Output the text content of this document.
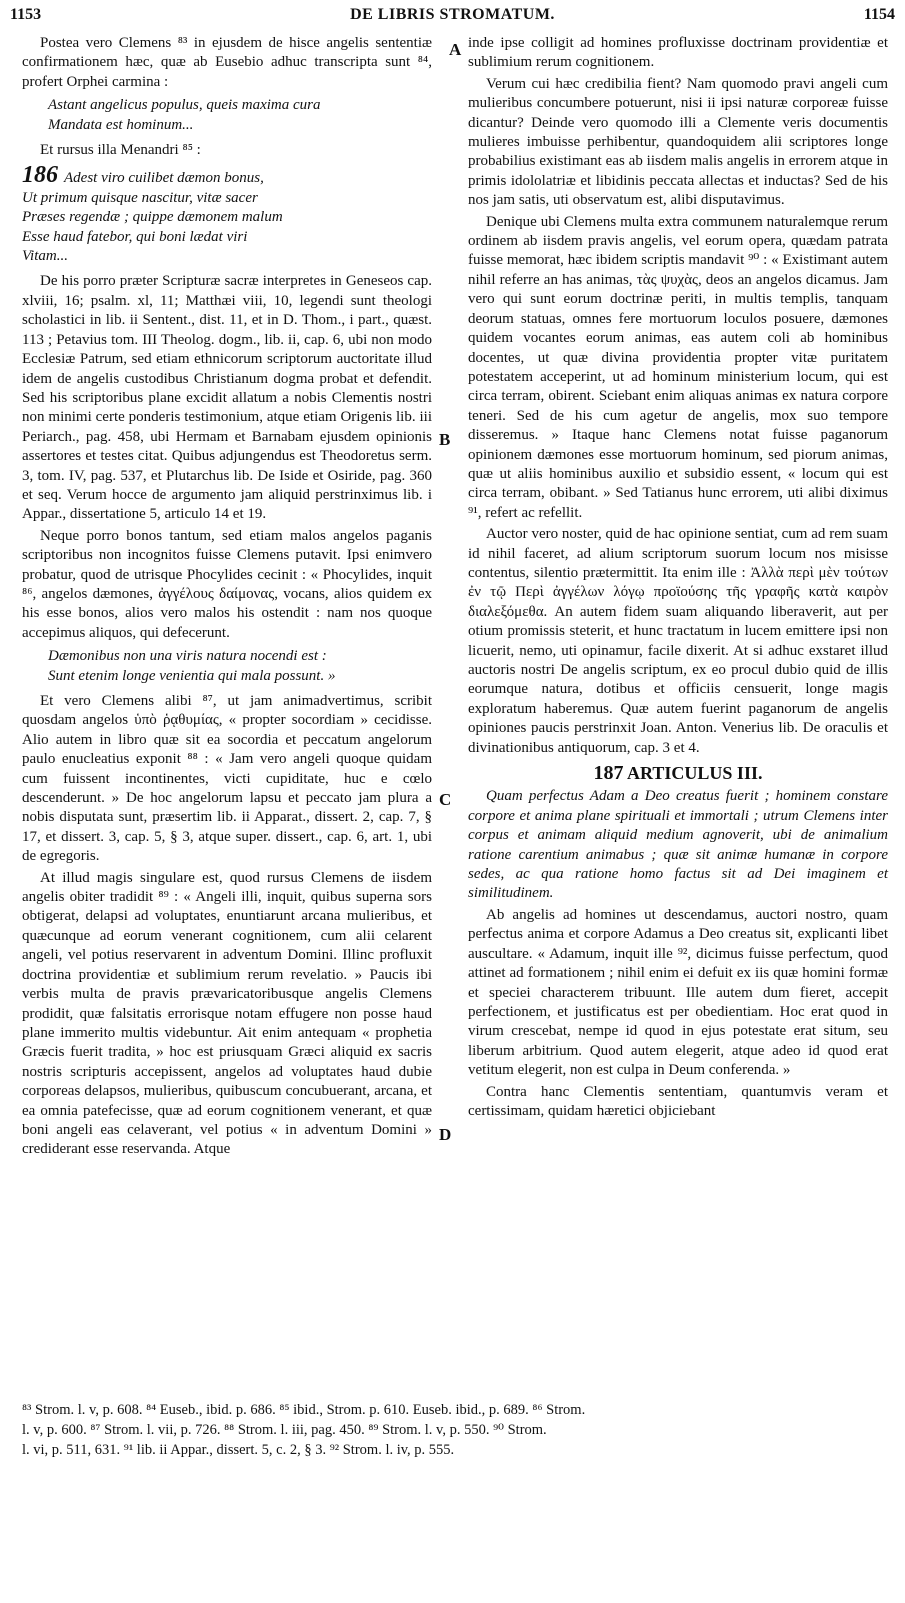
1153	DE LIBRIS STROMATUM.	1154
A
B
C
D

Postea vero Clemens ⁸³ in ejusdem de hisce angelis sententiæ confirmationem hæc, quæ ab Eusebio adhuc transcripta sunt ⁸⁴, profert Orphei carmina :

Astant angelicus populus, queis maxima cura
Mandata est hominum...

Et rursus illa Menandri ⁸⁵ :

186 Adest viro cuilibet dæmon bonus,
Ut primum quisque nascitur, vitæ sacer
Præses regendæ ; quippe dæmonem malum
Esse haud fatebor, qui boni lædat viri
Vitam...

De his porro præter Scripturæ sacræ interpretes in Geneseos cap. xlviii, 16; psalm. xl, 11; Matthæi viii, 10, legendi sunt theologi scholastici in lib. ii Sentent., dist. 11, et in D. Thom., i part., quæst. 113 ; Petavius tom. III Theolog. dogm., lib. ii, cap. 6, ubi non modo Ecclesiæ Patrum, sed etiam ethnicorum scriptorum auctoritate illud idem de angelis custodibus Christianum dogma probat et defendit. Sed his scriptoribus plane excidit allatum a nobis Clementis nostri non minimi certe ponderis testimonium, atque etiam Origenis lib. iii Periarch., pag. 458, ubi Hermam et Barnabam ejusdem opinionis assertores et testes citat. Quibus adjungendus est Theodoretus serm. 3, tom. IV, pag. 537, et Plutarchus lib. De Iside et Osiride, pag. 360 et seq. Verum hocce de argumento jam aliquid perstrinximus lib. i Appar., dissertatione 5, articulo 14 et 19.

Neque porro bonos tantum, sed etiam malos angelos paganis scriptoribus non incognitos fuisse Clemens putavit. Ipsi enimvero probatur, quod de utrisque Phocylides cecinit : « Phocylides, inquit ⁸⁶, angelos dæmones, ἀγγέλους δαίμονας, vocans, alios quidem ex his esse bonos, alios vero malos his ostendit : nam nos quoque accepimus aliquos, qui defecerunt.

Dæmonibus non una viris natura nocendi est :
Sunt etenim longe venientia qui mala possunt. »

Et vero Clemens alibi ⁸⁷, ut jam animadvertimus, scribit quosdam angelos ὑπὸ ῥᾳθυμίας, « propter socordiam » cecidisse. Alio autem in libro quæ sit ea socordia et peccatum angelorum paulo enucleatius exponit ⁸⁸ : « Jam vero angeli quoque quidam cum fuissent incontinentes, victi cupiditate, huc e cœlo descenderunt. » De hoc angelorum lapsu et peccato jam plura a nobis disputata sunt, præsertim lib. ii Apparat., dissert. 2, cap. 7, § 17, et dissert. 3, cap. 5, § 3, atque super. dissert., cap. 6, art. 1, ubi de egregoris.

At illud magis singulare est, quod rursus Clemens de iisdem angelis obiter tradidit ⁸⁹ : « Angeli illi, inquit, quibus superna sors obtigerat, delapsi ad voluptates, enuntiarunt arcana mulieribus, et quæcunque ad eorum venerant cognitionem, cum alii celarent angeli, vel potius reservarent in adventum Domini. Illinc profluxit doctrina providentiæ et sublimium rerum revelatio. » Paucis ibi verbis multa de pravis prævaricatoribusque angelis Clemens prodidit, quæ falsitatis errorisque notam effugere non posse haud plane immerito multis videbuntur. Ait enim antequam « prophetia Græcis fuerit tradita, » hoc est priusquam Græci aliquid ex sacris nostris scripturis accepissent, angelos ad voluptates haud dubie corporeas delapsos, mulieribus, quibuscum concubuerant, arcana, et ea omnia patefecisse, quæ ad eorum cognitionem venerant, et quæ boni angeli eas celaverant, vel potius « in adventum Domini » crediderant esse reservanda. Atque

inde ipse colligit ad homines profluxisse doctrinam providentiæ et sublimium rerum cognitionem.

Verum cui hæc credibilia fient? Nam quomodo pravi angeli cum mulieribus concumbere potuerunt, nisi ii ipsi naturæ corporeæ fuisse dicantur? Deinde vero quomodo illi a Clemente veris documentis mulieres imbuisse perhibentur, quandoquidem alii scriptores longe probabilius existimant eas ab iisdem malis angelis in errorem atque in primis idololatriæ et libidinis peccata allectas et inductas? Sed de his nos jam satis, uti observatum est, alibi disputavimus.

Denique ubi Clemens multa extra communem naturalemque rerum ordinem ab iisdem pravis angelis, vel eorum opera, quædam patrata fuisse memorat, hæc ibidem scriptis mandavit ⁹⁰ : « Existimant autem nihil referre an has animas, τὰς ψυχὰς, deos an angelos dicamus. Jam vero qui sunt eorum doctrinæ periti, in multis templis, tanquam deorum statuas, omnes fere mortuorum loculos posuere, dæmones quidem vocantes eorum animas, eas autem coli ab hominibus docentes, ut quæ divina providentia propter vitæ puritatem potestatem acceperint, ut ad hominum ministerium locum, qui est circa terram, obirent. Sciebant enim aliquas animas ex natura corpore teneri. Sed de his cum agetur de angelis, mox suo tempore disseremus. » Itaque hanc Clemens notat fuisse paganorum opinionem dæmones esse mortuorum hominum, sed piorum animas, quæ ut aliis hominibus auxilio et subsidio essent, « locum qui est circa terram, obibant. » Sed Tatianus hunc errorem, uti alibi diximus ⁹¹, refert ac refellit.

Auctor vero noster, quid de hac opinione sentiat, cum ad rem suam id nihil faceret, ad alium scriptorum suorum locum nos misisse contentus, silentio prætermittit. Ita enim ille : Ἀλλὰ περὶ μὲν τούτων ἐν τῷ Περὶ ἀγγέλων λόγῳ προϊούσης τῆς γραφῆς κατὰ καιρὸν διαλεξόμεθα. An autem fidem suam aliquando liberaverit, aut per otium promissis steterit, et hunc tractatum in lucem emittere ipsi non licuerit, nemo, uti opinamur, facile dixerit. At si adhuc exstaret illud auctoris nostri De angelis scriptum, ex eo procul dubio quid de illis eorumque natura, dotibus et officiis censuerit, longe magis exploratum haberemus. Quæ autem fuerint paganorum de angelis opiniones paucis perstrinxit Joan. Anton. Venerius lib. De oraculis et divinationibus antiquorum, cap. 3 et 4.

187 ARTICULUS III.

Quam perfectus Adam a Deo creatus fuerit ; hominem constare corpore et anima plane spirituali et immortali ; utrum Clemens inter corpus et animam aliquid medium agnoverit, ubi de animalium ratione carentium animabus ; quæ sit animæ humanæ in corpore sedes, ac qua ratione homo factus sit ad Dei imaginem et similitudinem.

Ab angelis ad homines ut descendamus, auctori nostro, quam perfectus anima et corpore Adamus a Deo creatus sit, explicanti libet auscultare. « Adamum, inquit ille ⁹², dicimus fuisse perfectum, quod attinet ad formationem ; nihil enim ei defuit ex iis quæ homini formæ et speciei characterem tribuunt. Ille autem dum fieret, accepit perfectionem, et justificatus est per obedientiam. Hoc erat quod in virum crescebat, nempe id quod in ejus potestate erat situm, seu liberum arbitrium. Quod autem elegerit, atque adeo id quod erat vetitum elegerit, non est culpa in Deum conferenda. »

Contra hanc Clementis sententiam, quantumvis veram et certissimam, quidam hæretici objiciebant

⁸³ Strom. l. v, p. 608. ⁸⁴ Euseb., ibid. p. 686. ⁸⁵ ibid., Strom. p. 610. Euseb. ibid., p. 689. ⁸⁶ Strom.
l. v, p. 600. ⁸⁷ Strom. l. vii, p. 726. ⁸⁸ Strom. l. iii, pag. 450. ⁸⁹ Strom. l. v, p. 550. ⁹⁰ Strom.
l. vi, p. 511, 631. ⁹¹ lib. ii Appar., dissert. 5, c. 2, § 3. ⁹² Strom. l. iv, p. 555.
